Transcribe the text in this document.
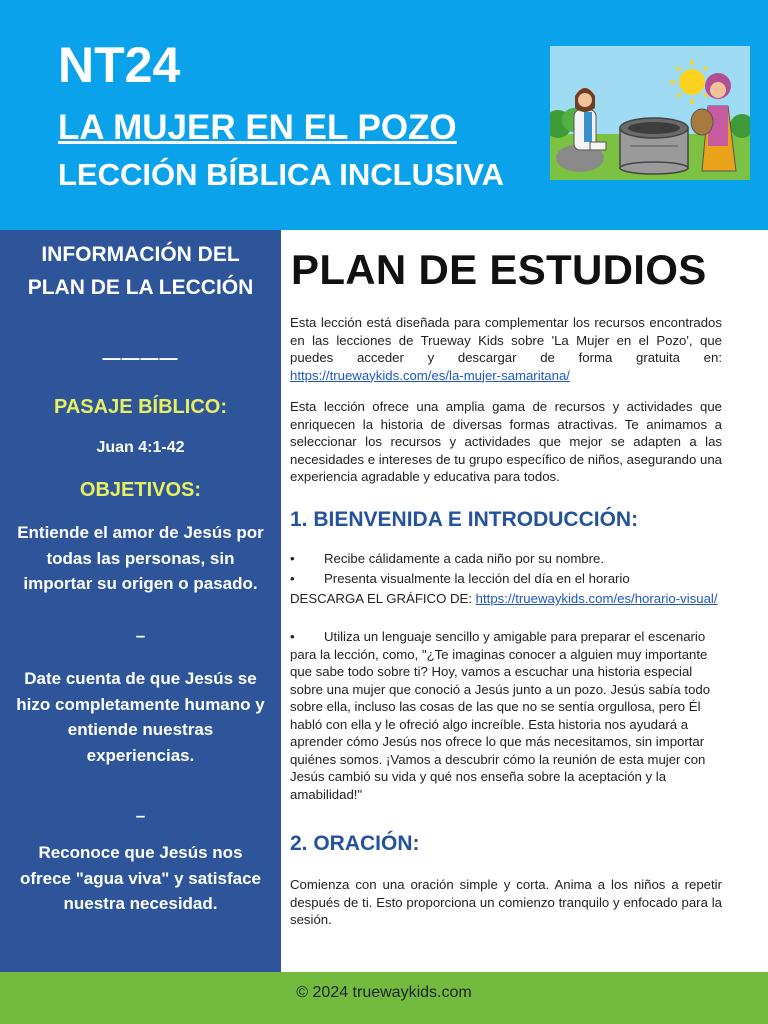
NT24
LA MUJER EN EL POZO
LECCIÓN BÍBLICA INCLUSIVA
INFORMACIÓN DEL PLAN DE LA LECCIÓN
————
PASAJE BÍBLICO:
Juan 4:1-42
OBJETIVOS:
Entiende el amor de Jesús por todas las personas, sin importar su origen o pasado.
–
Date cuenta de que Jesús se hizo completamente humano y entiende nuestras experiencias.
–
Reconoce que Jesús nos ofrece "agua viva" y satisface nuestra necesidad.
PLAN DE ESTUDIOS
Esta lección está diseñada para complementar los recursos encontrados en las lecciones de Trueway Kids sobre 'La Mujer en el Pozo', que puedes acceder y descargar de forma gratuita en: https://truewaykids.com/es/la-mujer-samaritana/
Esta lección ofrece una amplia gama de recursos y actividades que enriquecen la historia de diversas formas atractivas. Te animamos a seleccionar los recursos y actividades que mejor se adapten a las necesidades e intereses de tu grupo específico de niños, asegurando una experiencia agradable y educativa para todos.
1. BIENVENIDA E INTRODUCCIÓN:
• Recibe cálidamente a cada niño por su nombre.
• Presenta visualmente la lección del día en el horario
DESCARGA EL GRÁFICO DE: https://truewaykids.com/es/horario-visual/
• Utiliza un lenguaje sencillo y amigable para preparar el escenario para la lección, como, "¿Te imaginas conocer a alguien muy importante que sabe todo sobre ti? Hoy, vamos a escuchar una historia especial sobre una mujer que conoció a Jesús junto a un pozo. Jesús sabía todo sobre ella, incluso las cosas de las que no se sentía orgullosa, pero Él habló con ella y le ofreció algo increíble. Esta historia nos ayudará a aprender cómo Jesús nos ofrece lo que más necesitamos, sin importar quiénes somos. ¡Vamos a descubrir cómo la reunión de esta mujer con Jesús cambió su vida y qué nos enseña sobre la aceptación y la amabilidad!"
2. ORACIÓN:
Comienza con una oración simple y corta. Anima a los niños a repetir después de ti. Esto proporciona un comienzo tranquilo y enfocado para la sesión.
© 2024 truewaykids.com
